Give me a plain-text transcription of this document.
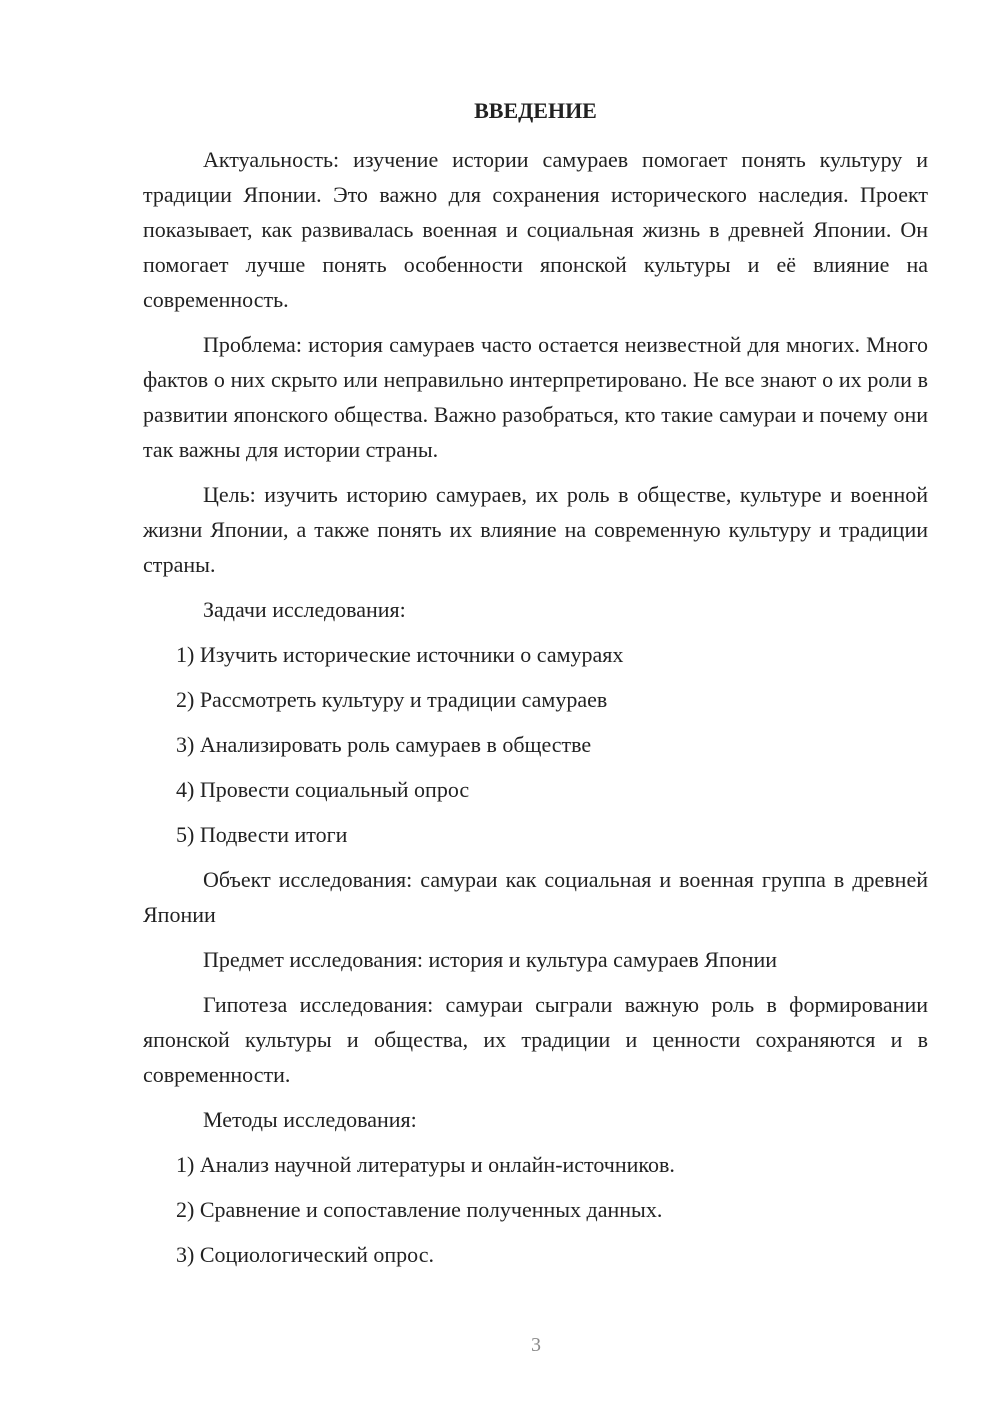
ВВЕДЕНИЕ

Актуальность: изучение истории самураев помогает понять культуру и традиции Японии. Это важно для сохранения исторического наследия. Проект показывает, как развивалась военная и социальная жизнь в древней Японии. Он помогает лучше понять особенности японской культуры и её влияние на современность.

Проблема: история самураев часто остается неизвестной для многих. Много фактов о них скрыто или неправильно интерпретировано. Не все знают о их роли в развитии японского общества. Важно разобраться, кто такие самураи и почему они так важны для истории страны.

Цель: изучить историю самураев, их роль в обществе, культуре и военной жизни Японии, а также понять их влияние на современную культуру и традиции страны.

Задачи исследования:

1) Изучить исторические источники о самураях

2) Рассмотреть культуру и традиции самураев

3) Анализировать роль самураев в обществе

4) Провести социальный опрос

5) Подвести итоги

Объект исследования: самураи как социальная и военная группа в древней Японии

Предмет исследования: история и культура самураев Японии

Гипотеза исследования: самураи сыграли важную роль в формировании японской культуры и общества, их традиции и ценности сохраняются и в современности.

Методы исследования:

1) Анализ научной литературы и онлайн-источников.

2) Сравнение и сопоставление полученных данных.

3) Социологический опрос.

3
